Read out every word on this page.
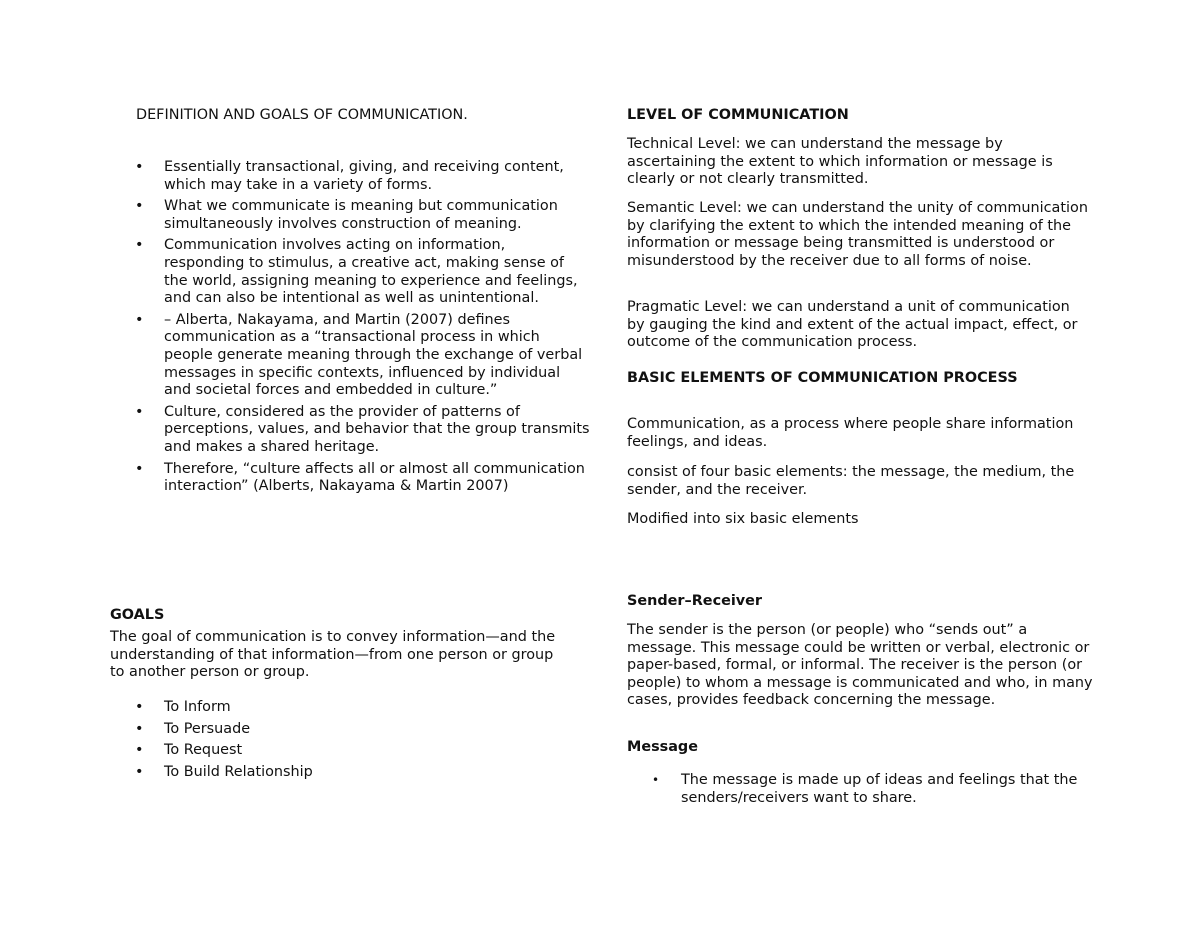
DEFINITION AND GOALS OF COMMUNICATION.

• Essentially transactional, giving, and receiving content, which may take in a variety of forms.
• What we communicate is meaning but communication simultaneously involves construction of meaning.
• Communication involves acting on information, responding to stimulus, a creative act, making sense of the world, assigning meaning to experience and feelings, and can also be intentional as well as unintentional.
• – Alberta, Nakayama, and Martin (2007) defines communication as a “transactional process in which people generate meaning through the exchange of verbal messages in specific contexts, influenced by individual and societal forces and embedded in culture.”
• Culture, considered as the provider of patterns of perceptions, values, and behavior that the group transmits and makes a shared heritage.
• Therefore, “culture affects all or almost all communication interaction” (Alberts, Nakayama & Martin 2007)

GOALS

The goal of communication is to convey information—and the understanding of that information—from one person or group to another person or group.

• To Inform
• To Persuade
• To Request
• To Build Relationship

LEVEL OF COMMUNICATION

Technical Level: we can understand the message by ascertaining the extent to which information or message is clearly or not clearly transmitted.

Semantic Level: we can understand the unity of communication by clarifying the extent to which the intended meaning of the information or message being transmitted is understood or misunderstood by the receiver due to all forms of noise.

Pragmatic Level: we can understand a unit of communication by gauging the kind and extent of the actual impact, effect, or outcome of the communication process.

BASIC ELEMENTS OF COMMUNICATION PROCESS

Communication, as a process where people share information feelings, and ideas.

consist of four basic elements: the message, the medium, the sender, and the receiver.

Modified into six basic elements

Sender–Receiver

The sender is the person (or people) who “sends out” a message. This message could be written or verbal, electronic or paper-based, formal, or informal. The receiver is the person (or people) to whom a message is communicated and who, in many cases, provides feedback concerning the message.

Message

• The message is made up of ideas and feelings that the senders/receivers want to share.
